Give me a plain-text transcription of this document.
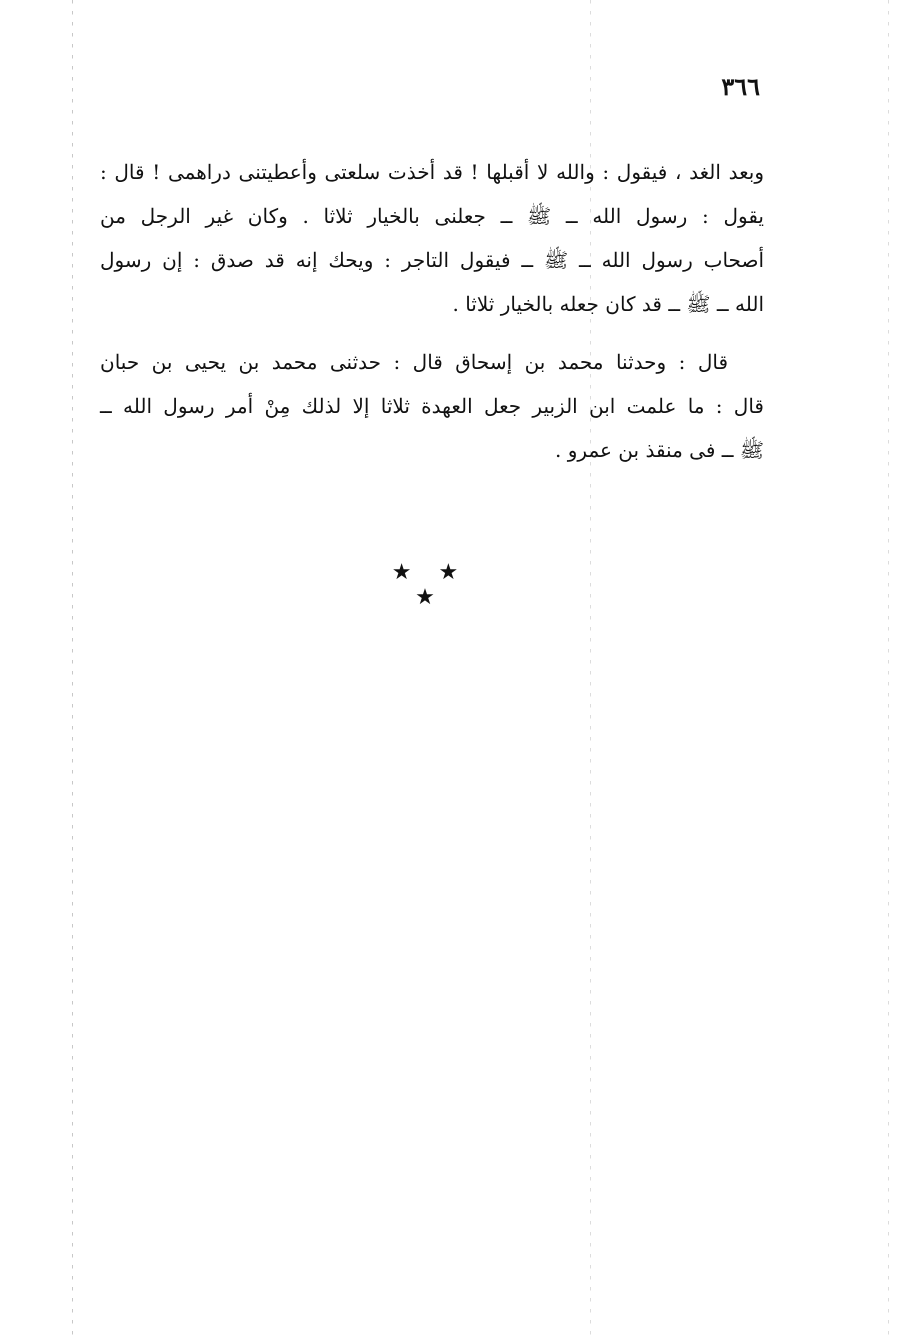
٣٦٦
وبعد الغد ، فيقول : والله لا أقبلها ! قد أخذت سلعتى وأعطيتنى دراهمى ! قال :
يقول : رسول الله ــ ﷺ ــ جعلنى بالخيار ثلاثا . وكان غير الرجل من
أصحاب رسول الله ــ ﷺ ــ فيقول التاجر : ويحك إنه قد صدق : إن رسول
الله ــ ﷺ ــ قد كان جعله بالخيار ثلاثا .
قال : وحدثنا محمد بن إسحاق قال : حدثنى محمد بن يحيى بن حبان
قال : ما علمت ابن الزبير جعل العهدة ثلاثا إلا لذلك مِنْ أمر رسول الله ــ
ﷺ ــ فى منقذ بن عمرو .
★ ★ ★
